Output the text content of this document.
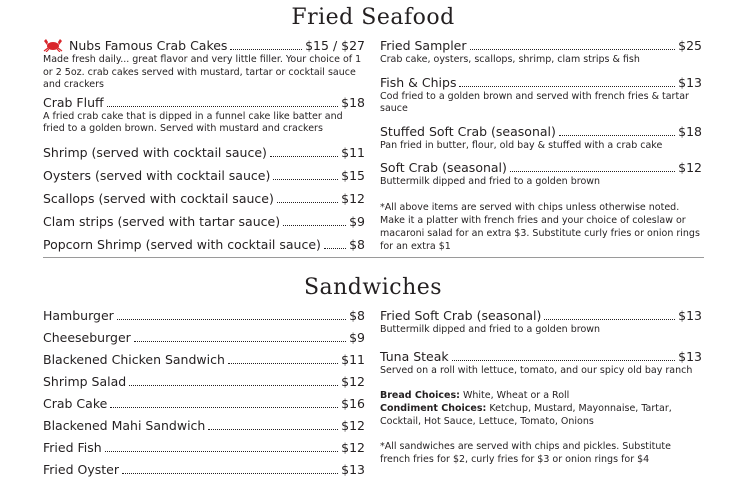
Fried Seafood
Nubs Famous Crab Cakes	$15 / $27
Made fresh daily... great flavor and very little filler. Your choice of 1 or 2 5oz. crab cakes served with mustard, tartar or cocktail sauce and crackers
Crab Fluff	$18
A fried crab cake that is dipped in a funnel cake like batter and fried to a golden brown. Served with mustard and crackers
Shrimp (served with cocktail sauce)	$11
Oysters (served with cocktail sauce)	$15
Scallops (served with cocktail sauce)	$12
Clam strips (served with tartar sauce)	$9
Popcorn Shrimp (served with cocktail sauce) $8
Fried Sampler	$25
Crab cake, oysters, scallops, shrimp, clam strips & fish
Fish & Chips	$13
Cod fried to a golden brown and served with french fries & tartar sauce
Stuffed Soft Crab (seasonal)	$18
Pan fried in butter, flour, old bay & stuffed with a crab cake
Soft Crab (seasonal)	$12
Buttermilk dipped and fried to a golden brown
*All above items are served with chips unless otherwise noted. Make it a platter with french fries and your choice of coleslaw or macaroni salad for an extra $3. Substitute curly fries or onion rings for an extra $1
Sandwiches
Hamburger	$8
Cheeseburger	$9
Blackened Chicken Sandwich	$11
Shrimp Salad	$12
Crab Cake	$16
Blackened Mahi Sandwich	$12
Fried Fish	$12
Fried Oyster	$13
Fried Soft Crab (seasonal)	$13
Buttermilk dipped and fried to a golden brown
Tuna Steak	$13
Served on a roll with lettuce, tomato, and our spicy old bay ranch
Bread Choices: White, Wheat or a Roll
Condiment Choices: Ketchup, Mustard, Mayonnaise, Tartar, Cocktail, Hot Sauce, Lettuce, Tomato, Onions
*All sandwiches are served with chips and pickles. Substitute french fries for $2, curly fries for $3 or onion rings for $4
